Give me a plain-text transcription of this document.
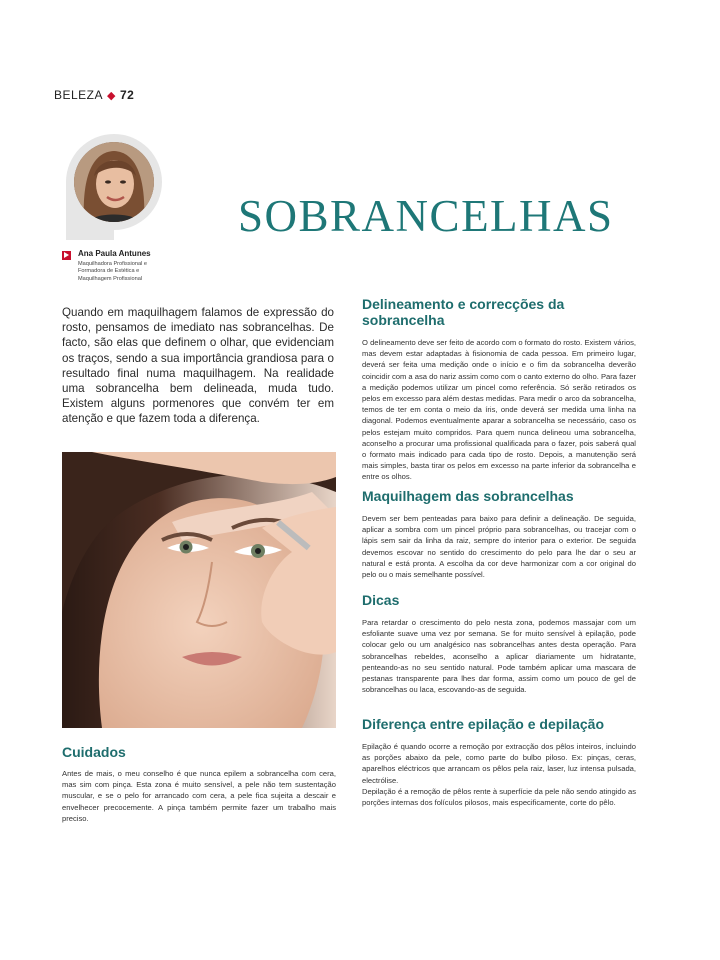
BELEZA ◆ 72
Ana Paula Antunes
Maquilhadora Profissional e Formadora de Estética e Maquilhagem Profissional
SOBRANCELHAS

Quando em maquilhagem falamos de expressão do rosto, pensamos de imediato nas sobrancelhas. De facto, são elas que definem o olhar, que evidenciam os traços, sendo a sua importância grandiosa para o resultado final numa maquilhagem. Na realidade uma sobrancelha bem delineada, muda tudo. Existem alguns pormenores que convém ter em atenção e que fazem toda a diferença.

Cuidados

Antes de mais, o meu conselho é que nunca epilem a sobrancelha com cera, mas sim com pinça. Esta zona é muito sensível, a pele não tem sustentação muscular, e se o pelo for arrancado com cera, a pele fica sujeita a descair e envelhecer precocemente. A pinça também permite fazer um trabalho mais preciso.

Delineamento e correcções da sobrancelha

O delineamento deve ser feito de acordo com o formato do rosto. Existem vários, mas devem estar adaptadas à fisionomia de cada pessoa. Em primeiro lugar, deverá ser feita uma medição onde o início e o fim da sobrancelha deverão coincidir com a asa do nariz assim como com o canto externo do olho. Para fazer a medição podemos utilizar um pincel como referência. Só serão retirados os pelos em excesso para além destas medidas. Para medir o arco da sobrancelha, temos de ter em conta o meio da íris, onde deverá ser medida uma linha na diagonal. Podemos eventualmente aparar a sobrancelha se necessário, caso os pelos estejam muito compridos. Para quem nunca delineou uma sobrancelha, aconselho a procurar uma profissional qualificada para o fazer, pois saberá qual o formato mais indicado para cada tipo de rosto. Depois, a manutenção será mais simples, basta tirar os pelos em excesso na parte inferior da sobrancelha e entre os olhos.

Maquilhagem das sobrancelhas

Devem ser bem penteadas para baixo para definir a delineação. De seguida, aplicar a sombra com um pincel próprio para sobrancelhas, ou tracejar com o lápis sem sair da linha da raiz, sempre do interior para o exterior. De seguida devemos escovar no sentido do crescimento do pelo para lhe dar o seu ar natural e está pronta. A escolha da cor deve harmonizar com a cor original do pelo ou o mais semelhante possível.

Dicas

Para retardar o crescimento do pelo nesta zona, podemos massajar com um esfoliante suave uma vez por semana. Se for muito sensível à epilação, pode colocar gelo ou um analgésico nas sobrancelhas antes desta operação. Para sobrancelhas rebeldes, aconselho a aplicar diariamente um hidratante, penteando-as no seu sentido natural. Pode também aplicar uma mascara de pestanas transparente para lhes dar forma, assim como um pouco de gel de sobrancelhas ou laca, escovando-as de seguida.

Diferença entre epilação e depilação

Epilação é quando ocorre a remoção por extracção dos pêlos inteiros, incluindo as porções abaixo da pele, como parte do bulbo piloso. Ex: pinças, ceras, aparelhos eléctricos que arrancam os pêlos pela raiz, laser, luz intensa pulsada, electrólise.

Depilação é a remoção de pêlos rente à superfície da pele não sendo atingido as porções internas dos folículos pilosos, mais especificamente, corte do pêlo.
